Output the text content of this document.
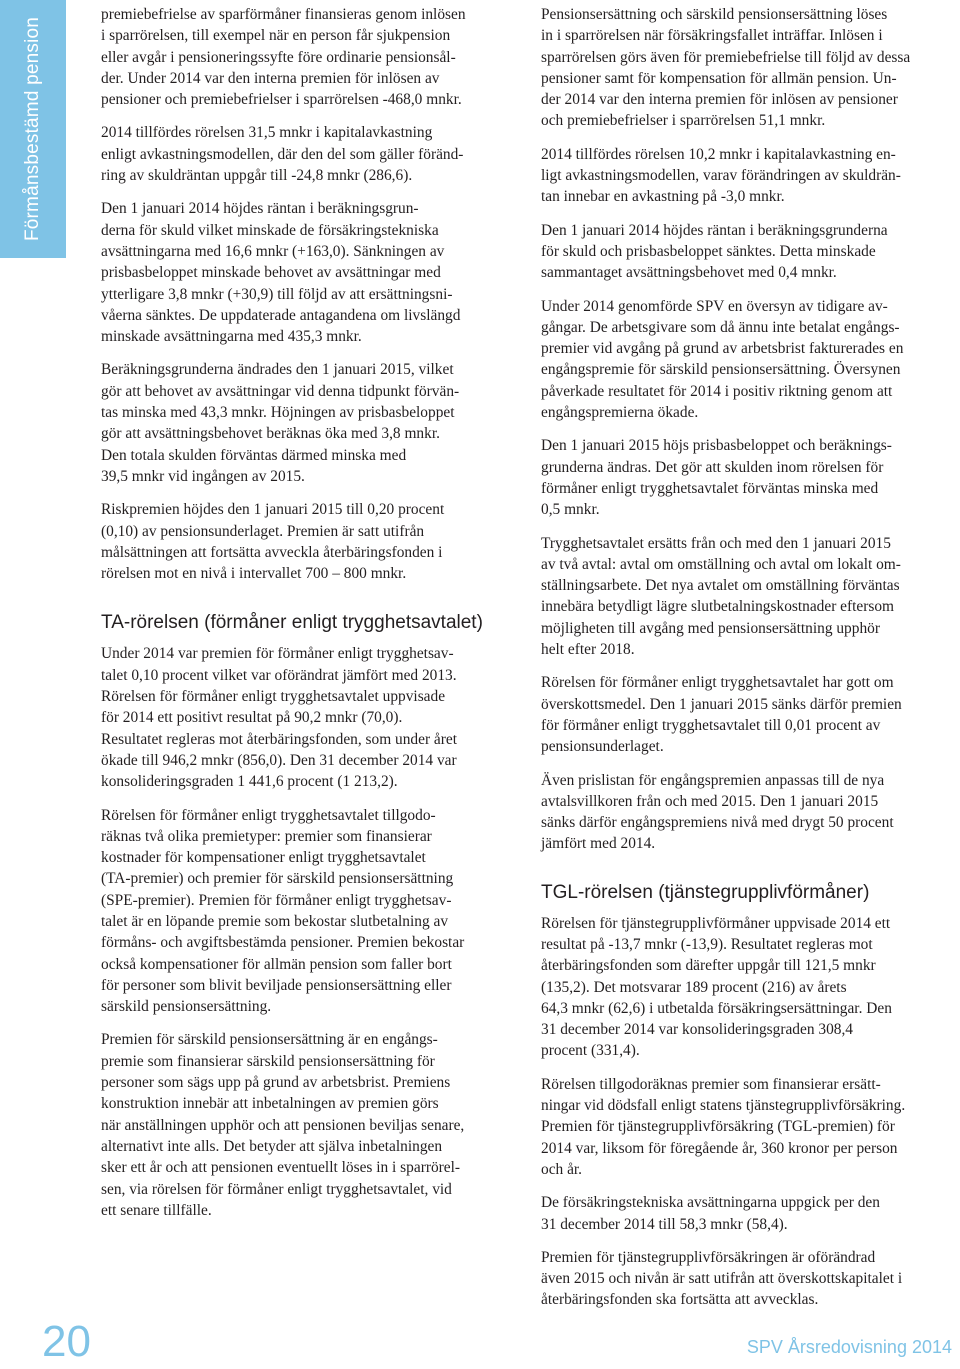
Förmånsbestämd pension

premiebefrielse av sparförmåner finansieras genom inlösen
i sparrörelsen, till exempel när en person får sjukpension
eller avgår i pensioneringssyfte före ordinarie pensionsål-
der. Under 2014 var den interna premien för inlösen av
pensioner och premiebefrielser i sparrörelsen -468,0 mnkr.

2014 tillfördes rörelsen 31,5 mnkr i kapitalavkastning
enligt avkastningsmodellen, där den del som gäller föränd-
ring av skuldräntan uppgår till -24,8 mnkr (286,6).

Den 1 januari 2014 höjdes räntan i beräkningsgrun-
derna för skuld vilket minskade de försäkringstekniska
avsättningarna med 16,6 mnkr (+163,0). Sänkningen av
prisbasbeloppet minskade behovet av avsättningar med
ytterligare 3,8 mnkr (+30,9) till följd av att ersättningsni-
våerna sänktes. De uppdaterade antagandena om livslängd
minskade avsättningarna med 435,3 mnkr.

Beräkningsgrunderna ändrades den 1 januari 2015, vilket
gör att behovet av avsättningar vid denna tidpunkt förvän-
tas minska med 43,3 mnkr. Höjningen av prisbasbeloppet
gör att avsättningsbehovet beräknas öka med 3,8 mnkr.
Den totala skulden förväntas därmed minska med
39,5 mnkr vid ingången av 2015.

Riskpremien höjdes den 1 januari 2015 till 0,20 procent
(0,10) av pensionsunderlaget. Premien är satt utifrån
målsättningen att fortsätta avveckla återbäringsfonden i
rörelsen mot en nivå i intervallet 700 – 800 mnkr.

TA-rörelsen (förmåner enligt trygghetsavtalet)

Under 2014 var premien för förmåner enligt trygghetsav-
talet 0,10 procent vilket var oförändrat jämfört med 2013.
Rörelsen för förmåner enligt trygghetsavtalet uppvisade
för 2014 ett positivt resultat på 90,2 mnkr (70,0).
Resultatet regleras mot återbäringsfonden, som under året
ökade till 946,2 mnkr (856,0). Den 31 december 2014 var
konsolideringsgraden 1 441,6 procent (1 213,2).

Rörelsen för förmåner enligt trygghetsavtalet tillgodo-
räknas två olika premietyper: premier som finansierar
kostnader för kompensationer enligt trygghetsavtalet
(TA-premier) och premier för särskild pensionsersättning
(SPE-premier). Premien för förmåner enligt trygghetsav-
talet är en löpande premie som bekostar slutbetalning av
förmåns- och avgiftsbestämda pensioner. Premien bekostar
också kompensationer för allmän pension som faller bort
för personer som blivit beviljade pensionsersättning eller
särskild pensionsersättning.

Premien för särskild pensionsersättning är en engångs-
premie som finansierar särskild pensionsersättning för
personer som sägs upp på grund av arbetsbrist. Premiens
konstruktion innebär att inbetalningen av premien görs
när anställningen upphör och att pensionen beviljas senare,
alternativt inte alls. Det betyder att själva inbetalningen
sker ett år och att pensionen eventuellt löses in i sparrörel-
sen, via rörelsen för förmåner enligt trygghetsavtalet, vid
ett senare tillfälle.

Pensionsersättning och särskild pensionsersättning löses
in i sparrörelsen när försäkringsfallet inträffar. Inlösen i
sparrörelsen görs även för premiebefrielse till följd av dessa
pensioner samt för kompensation för allmän pension. Un-
der 2014 var den interna premien för inlösen av pensioner
och premiebefrielser i sparrörelsen 51,1 mnkr.

2014 tillfördes rörelsen 10,2 mnkr i kapitalavkastning en-
ligt avkastningsmodellen, varav förändringen av skuldrän-
tan innebar en avkastning på -3,0 mnkr.

Den 1 januari 2014 höjdes räntan i beräkningsgrunderna
för skuld och prisbasbeloppet sänktes. Detta minskade
sammantaget avsättningsbehovet med 0,4 mnkr.

Under 2014 genomförde SPV en översyn av tidigare av-
gångar. De arbetsgivare som då ännu inte betalat engångs-
premier vid avgång på grund av arbetsbrist fakturerades en
engångspremie för särskild pensionsersättning. Översynen
påverkade resultatet för 2014 i positiv riktning genom att
engångspremierna ökade.

Den 1 januari 2015 höjs prisbasbeloppet och beräknings-
grunderna ändras. Det gör att skulden inom rörelsen för
förmåner enligt trygghetsavtalet förväntas minska med
0,5 mnkr.

Trygghetsavtalet ersätts från och med den 1 januari 2015
av två avtal: avtal om omställning och avtal om lokalt om-
ställningsarbete. Det nya avtalet om omställning förväntas
innebära betydligt lägre slutbetalningskostnader eftersom
möjligheten till avgång med pensionsersättning upphör
helt efter 2018.

Rörelsen för förmåner enligt trygghetsavtalet har gott om
överskottsmedel. Den 1 januari 2015 sänks därför premien
för förmåner enligt trygghetsavtalet till 0,01 procent av
pensionsunderlaget.

Även prislistan för engångspremien anpassas till de nya
avtalsvillkoren från och med 2015. Den 1 januari 2015
sänks därför engångspremiens nivå med drygt 50 procent
jämfört med 2014.

TGL-rörelsen (tjänstegrupplivförmåner)

Rörelsen för tjänstegrupplivförmåner uppvisade 2014 ett
resultat på -13,7 mnkr (-13,9). Resultatet regleras mot
återbäringsfonden som därefter uppgår till 121,5 mnkr
(135,2). Det motsvarar 189 procent (216) av årets
64,3 mnkr (62,6) i utbetalda försäkringsersättningar. Den
31 december 2014 var konsolideringsgraden 308,4
procent (331,4).

Rörelsen tillgodoräknas premier som finansierar ersätt-
ningar vid dödsfall enligt statens tjänstegrupplivförsäkring.
Premien för tjänstegrupplivförsäkring (TGL-premien) för
2014 var, liksom för föregående år, 360 kronor per person
och år.

De försäkringstekniska avsättningarna uppgick per den
31 december 2014 till 58,3 mnkr (58,4).

Premien för tjänstegrupplivförsäkringen är oförändrad
även 2015 och nivån är satt utifrån att överskottskapitalet i
återbäringsfonden ska fortsätta att avvecklas.

20	SPV Årsredovisning 2014
